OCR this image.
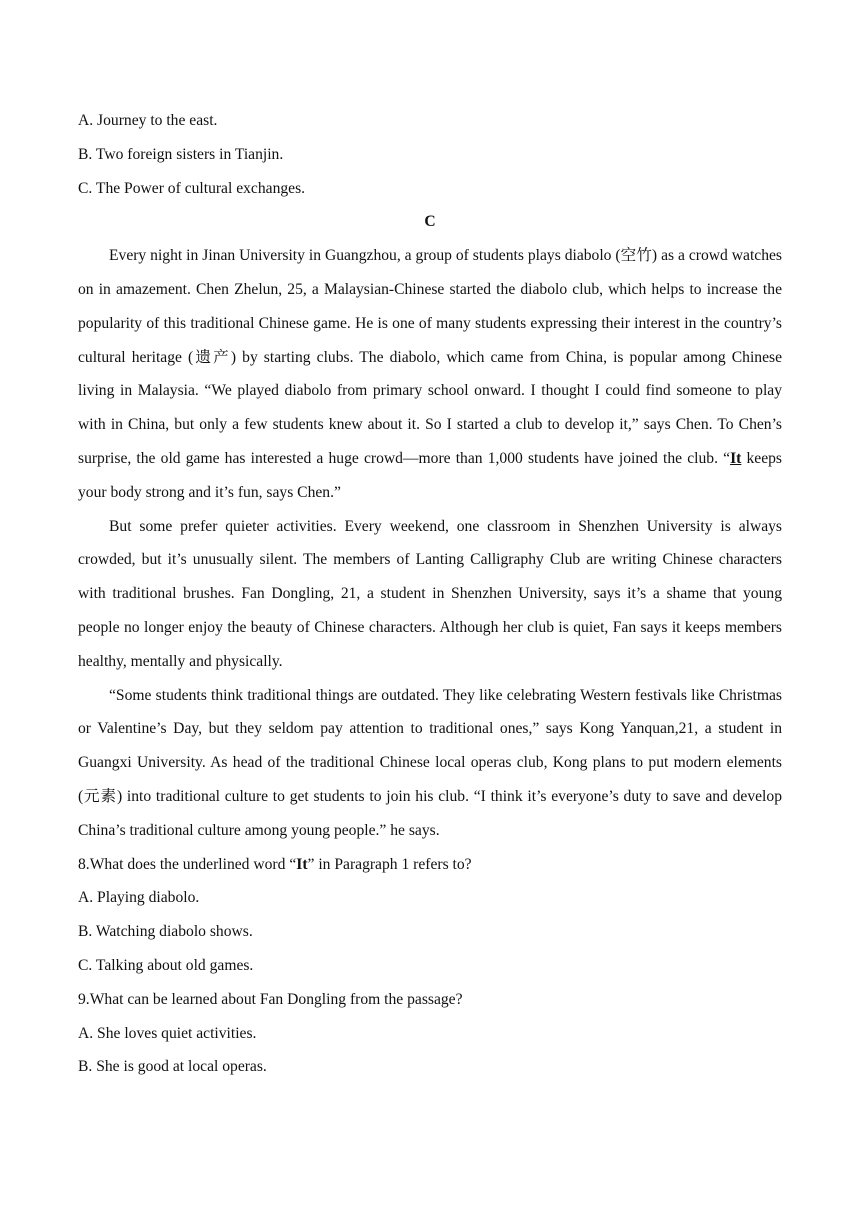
A. Journey to the east.
B. Two foreign sisters in Tianjin.
C. The Power of cultural exchanges.
C

Every night in Jinan University in Guangzhou, a group of students plays diabolo (空竹) as a crowd watches on in amazement. Chen Zhelun, 25, a Malaysian-Chinese started the diabolo club, which helps to increase the popularity of this traditional Chinese game. He is one of many students expressing their interest in the country’s cultural heritage (遗产) by starting clubs. The diabolo, which came from China, is popular among Chinese living in Malaysia. “We played diabolo from primary school onward. I thought I could find someone to play with in China, but only a few students knew about it. So I started a club to develop it,” says Chen. To Chen’s surprise, the old game has interested a huge crowd—more than 1,000 students have joined the club. “It keeps your body strong and it’s fun, says Chen.”

But some prefer quieter activities. Every weekend, one classroom in Shenzhen University is always crowded, but it’s unusually silent. The members of Lanting Calligraphy Club are writing Chinese characters with traditional brushes. Fan Dongling, 21, a student in Shenzhen University, says it’s a shame that young people no longer enjoy the beauty of Chinese characters. Although her club is quiet, Fan says it keeps members healthy, mentally and physically.

“Some students think traditional things are outdated. They like celebrating Western festivals like Christmas or Valentine’s Day, but they seldom pay attention to traditional ones,” says Kong Yanquan,21, a student in Guangxi University. As head of the traditional Chinese local operas club, Kong plans to put modern elements (元素) into traditional culture to get students to join his club. “I think it’s everyone’s duty to save and develop China’s traditional culture among young people.” he says.

8.What does the underlined word “It” in Paragraph 1 refers to?
A. Playing diabolo.
B. Watching diabolo shows.
C. Talking about old games.
9.What can be learned about Fan Dongling from the passage?
A. She loves quiet activities.
B. She is good at local operas.
